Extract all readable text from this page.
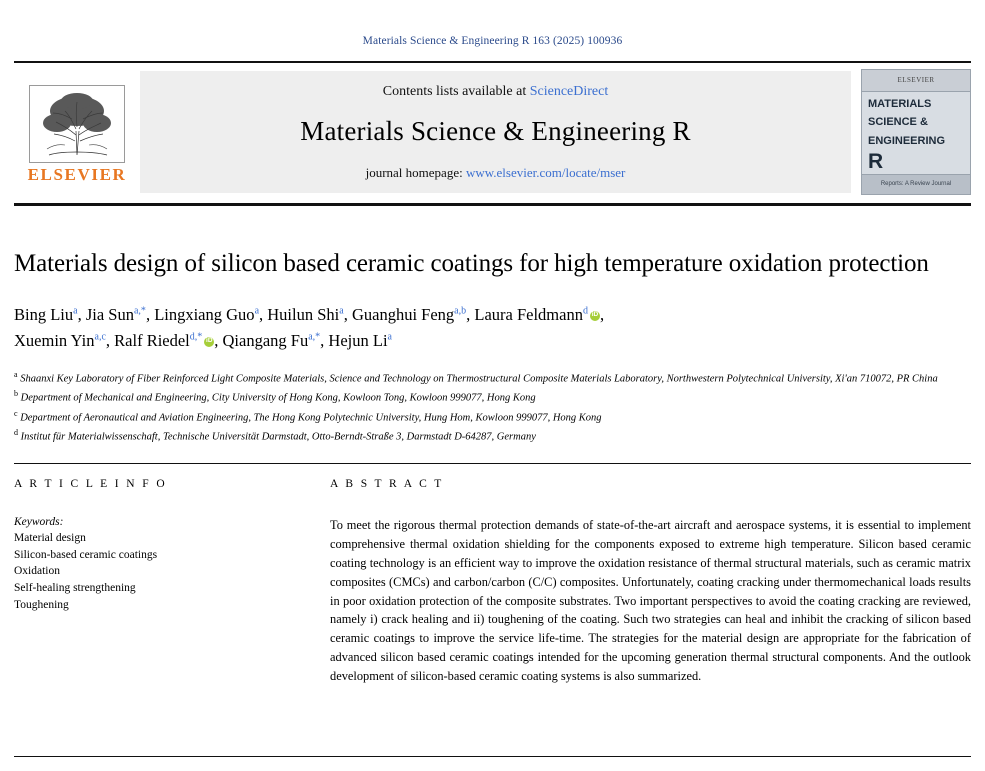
Materials Science & Engineering R 163 (2025) 100936
ELSEVIER
Contents lists available at ScienceDirect
Materials Science & Engineering R
journal homepage: www.elsevier.com/locate/mser
ELSEVIER
MATERIALS
SCIENCE &
ENGINEERING
R
Reports: A Review Journal
Materials design of silicon based ceramic coatings for high temperature oxidation protection
Bing Liu$^a$, Jia Sun$^{a,*}$, Lingxiang Guo$^a$, Huilun Shi$^a$, Guanghui Feng$^{a,b}$, Laura Feldmann$^d$ iD ,
Xuemin Yin$^{a,c}$, Ralf Riedel$^{d,*}$ iD , Qiangang $Fu^{a,*}$, Hejun Li$^a$
$^a$ Shaanxi Key Laboratory of Fiber Reinforced Light Composite Materials, Science and Technology on Thermostructural Composite Materials Laboratory, Northwestern Polytechnical University, Xi'an 710072, PR China
$^b$ Department of Mechanical and Engineering, City University of Hong Kong, Kowloon Tong, Kowloon 999077, Hong Kong
$^c$ Department of Aeronautical and Aviation Engineering, The Hong Kong Polytechnic University, Hung Hom, Kowloon 999077, Hong Kong
$^d$ Institut für Materialwissenschaft, Technische Universität Darmstadt, Otto-Berndt-Straße 3, Darmstadt D-64287, Germany
A R T I C L E I N F O
Keywords:
Material design
Silicon-based ceramic coatings
Oxidation
Self-healing strengthening
Toughening
A B S T R A C T
To meet the rigorous thermal protection demands of state-of-the-art aircraft and aerospace systems, it is essential to implement comprehensive thermal oxidation shielding for the components exposed to extreme high temperature. Silicon based ceramic coating technology is an efficient way to improve the oxidation resistance of thermal structural materials, such as ceramic matrix composites (CMCs) and carbon/carbon (C/C) composites. Unfortunately, coating cracking under thermomechanical loads results in poor oxidation protection of the composite substrates. Two important perspectives to avoid the coating cracking are reviewed, namely i) crack healing and ii) toughening of the coating. Such two strategies can heal and inhibit the cracking of silicon based ceramic coatings to improve the service life-time. The strategies for the material design are appropriate for the fabrication of advanced silicon based ceramic coatings intended for the upcoming generation thermal structural components. And the outlook development of silicon-based ceramic coating systems is also summarized.
